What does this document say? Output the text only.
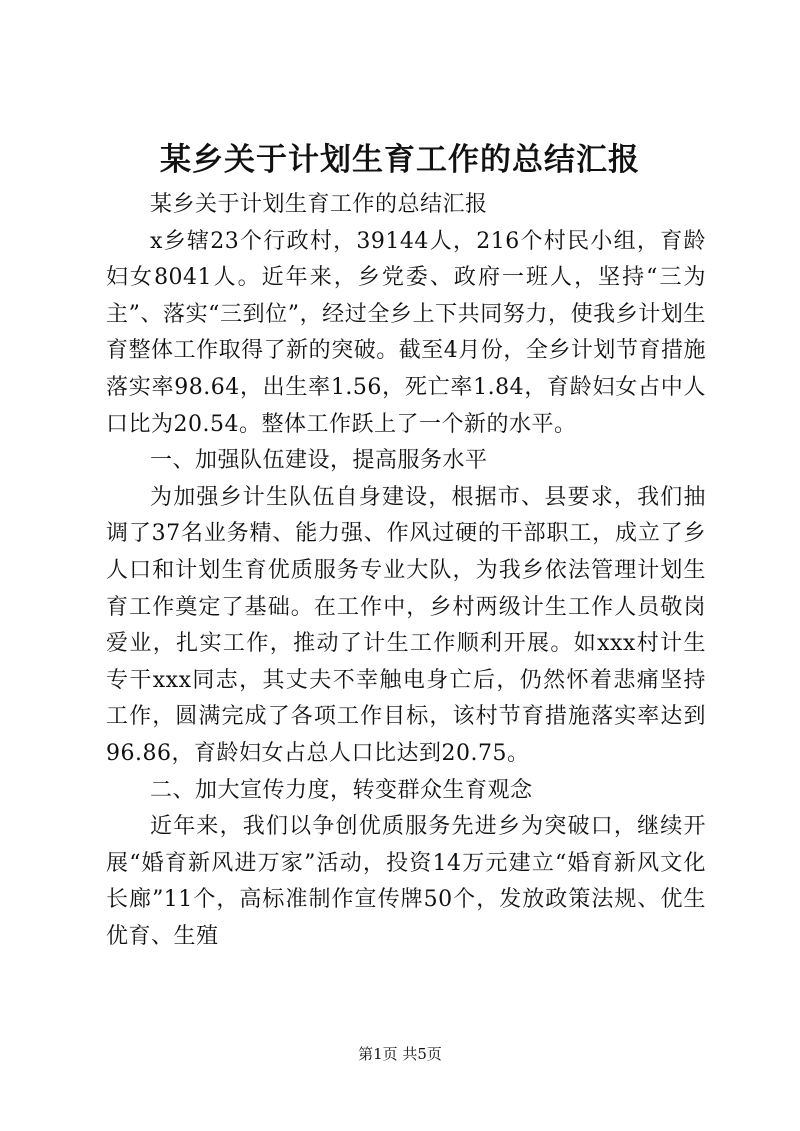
某乡关于计划生育工作的总结汇报

某乡关于计划生育工作的总结汇报

x乡辖23个行政村，39144人，216个村民小组，育龄妇女8041人。近年来，乡党委、政府一班人，坚持“三为主”、落实“三到位”，经过全乡上下共同努力，使我乡计划生育整体工作取得了新的突破。截至4月份，全乡计划节育措施落实率98.64，出生率1.56，死亡率1.84，育龄妇女占中人口比为20.54。整体工作跃上了一个新的水平。

一、加强队伍建设，提高服务水平

为加强乡计生队伍自身建设，根据市、县要求，我们抽调了37名业务精、能力强、作风过硬的干部职工，成立了乡人口和计划生育优质服务专业大队，为我乡依法管理计划生育工作奠定了基础。在工作中，乡村两级计生工作人员敬岗爱业，扎实工作，推动了计生工作顺利开展。如xxx村计生专干xxx同志，其丈夫不幸触电身亡后，仍然怀着悲痛坚持工作，圆满完成了各项工作目标，该村节育措施落实率达到96.86，育龄妇女占总人口比达到20.75。

二、加大宣传力度，转变群众生育观念

近年来，我们以争创优质服务先进乡为突破口，继续开展“婚育新风进万家”活动，投资14万元建立“婚育新风文化长廊”11个，高标准制作宣传牌50个，发放政策法规、优生优育、生殖

第1页 共5页
